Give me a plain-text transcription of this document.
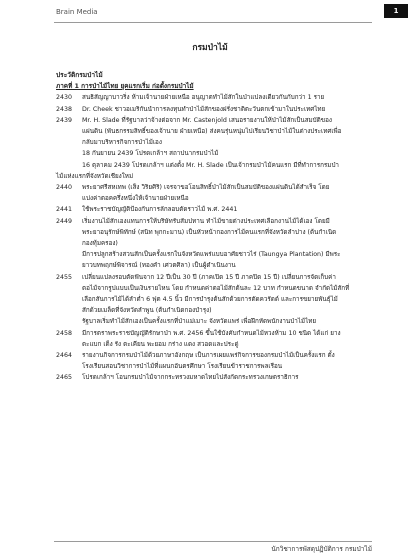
Brain Media	1
กรมป่าไม้
ประวัติกรมป่าไม้
ภาคที่ 1 การป่าไม้ไทย ยุคแรกเริ่ม ก่อตั้งกรมป่าไม้
2430	สนธิสัญญาบาวริ่ง ห้ามเจ้านายฝ่ายเหนือ อนุญาตทำไม้สักในป่าแปลงเดียวกันกับกว่า 1 ราย
2438	Dr. Cheek ชาวอเมริกันนำการลงทุนทำป่าไม้สักของฝรั่งชาติตะวันตกเข้ามาในประเทศไทย
2439	Mr. H. Slade ที่รัฐบาลว่าจ้างต่อจาก Mr. Castenjold เสนอรายงานให้ป่าไม้สักเป็นสมบัติของ
แผ่นดิน (พันธกรรมสิทธิ์ของเจ้านาย ฝ่ายเหนือ) ส่งคนรุ่นหนุ่มไปเรียนวิชาป่าไม้ในต่างประเทศเพื่อ
กลับมาบริหารกิจการป่าไม้เอง
18 กันยายน 2439 โปรดเกล้าฯ สถาปนากรมป่าไม้
16 ตุลาคม 2439 โปรดเกล้าฯ แต่งตั้ง Mr. H. Slade เป็นเจ้ากรมป่าไม้คนแรก มีที่ทำการกรมป่า
ไม้แห่งแรกที่จังหวัดเชียงใหม่
2440	พระยาศรีสหเทพ (เส็ง วิริยศิริ) เจรจาขอโอนสิทธิ์ป่าไม้สักเป็นสมบัติของแผ่นดินได้สำเร็จ โดย
แบ่งค่าตอคครึ่งหนึ่งให้เจ้านายฝ่ายเหนือ
2441	ใช้พระราชบัญญัติป้องกันการลักลอบตัดราวไม้ พ.ศ. 2441
2449	เริ่มงานไม้สักเองแทนการให้บริษัทรับสัมปทาน ทำไม้ขายต่างประเทศเลือกงานไม้ได้เอง โดยมี
พระยาอนุรักษ์พิทักษ์ (สนิท พุกกะมาน) เป็นหัวหน้ากองการไม้คนแรกที่จังหวัดลำปาง (ต้นกำเนิด
กองทุ้มครอง)
มีการปลูกสร้างสวนสักเป็นครั้งแรกในจังหวัดแพร่แบบอาศัยชาวไร่ (Taungya Plantation) มีพระ
ยาวบทพฤกษ์พิจารณ์ (ทองคำ เศวตศิลา) เป็นผู้ดำเนินงาน
2455	เปลี่ยนแปลงรอบตัดฟันจาก 12 ปีเป็น 30 ปี (ภาคเปิด 15 ปี ภาคปิด 15 ปี) เปลี่ยนการจัดเก็บค่า
ตอไม้จากรูปแบบเป็นเงินรายไหน โดย กำหนดค่าตอไม้สักต้นละ 12 บาท กำหนดขนาด จำกัดไม้สักที่
เลือกสันการไม้ได้ลำต่ำ 6 ฟุต 4.5 นิ้ว มีการบำรุงต้นสักด้วยการตัดควรัดด์ และการขยายพันธุ์ไม้
สักด้วยเมล็ดที่จังหวัดลำพูน (ต้นกำเนิดกองบำรุง)
รัฐบาลเริ่มทำไม้สักเองเป็นครั้งแรกที่ป่าแม่เมาะ จังหวัดแพร่ เพื่อฝึกหัดพนักงานป่าไม้ไทย
2458	มีการตราพระราชบัญญัติรักษาป่า พ.ศ. 2456 ขึ้นใช้บังคับกำหนดไม้หวงห้าม 10 ชนิด ได้แก่ ยาง
ตะแบก เต็ง รัง ตะเคียน พะยอม กร่าง แดง สวอดและประดู่
2464	รายงานกิจการกรมป่าไม้ด้วยภาษาอังกฤษ เป็นการเผยแพร่กิจการของกรมป่าไม้เป็นครั้งแรก ตั้ง
โรงเรียนสอนวิชาการป่าไม้ที่แผนกอันตรศึกษา โรงเรียนข้าราชการพลเรือน
2465	โปรดเกล้าฯ โอนกรมป่าไม้จากกระทรวงมหาดไทยไปสังกัดกระทรวงเกษตราธิการ
นักวิชาการพัสดุปฏิบัติการ กรมป่าไม้
